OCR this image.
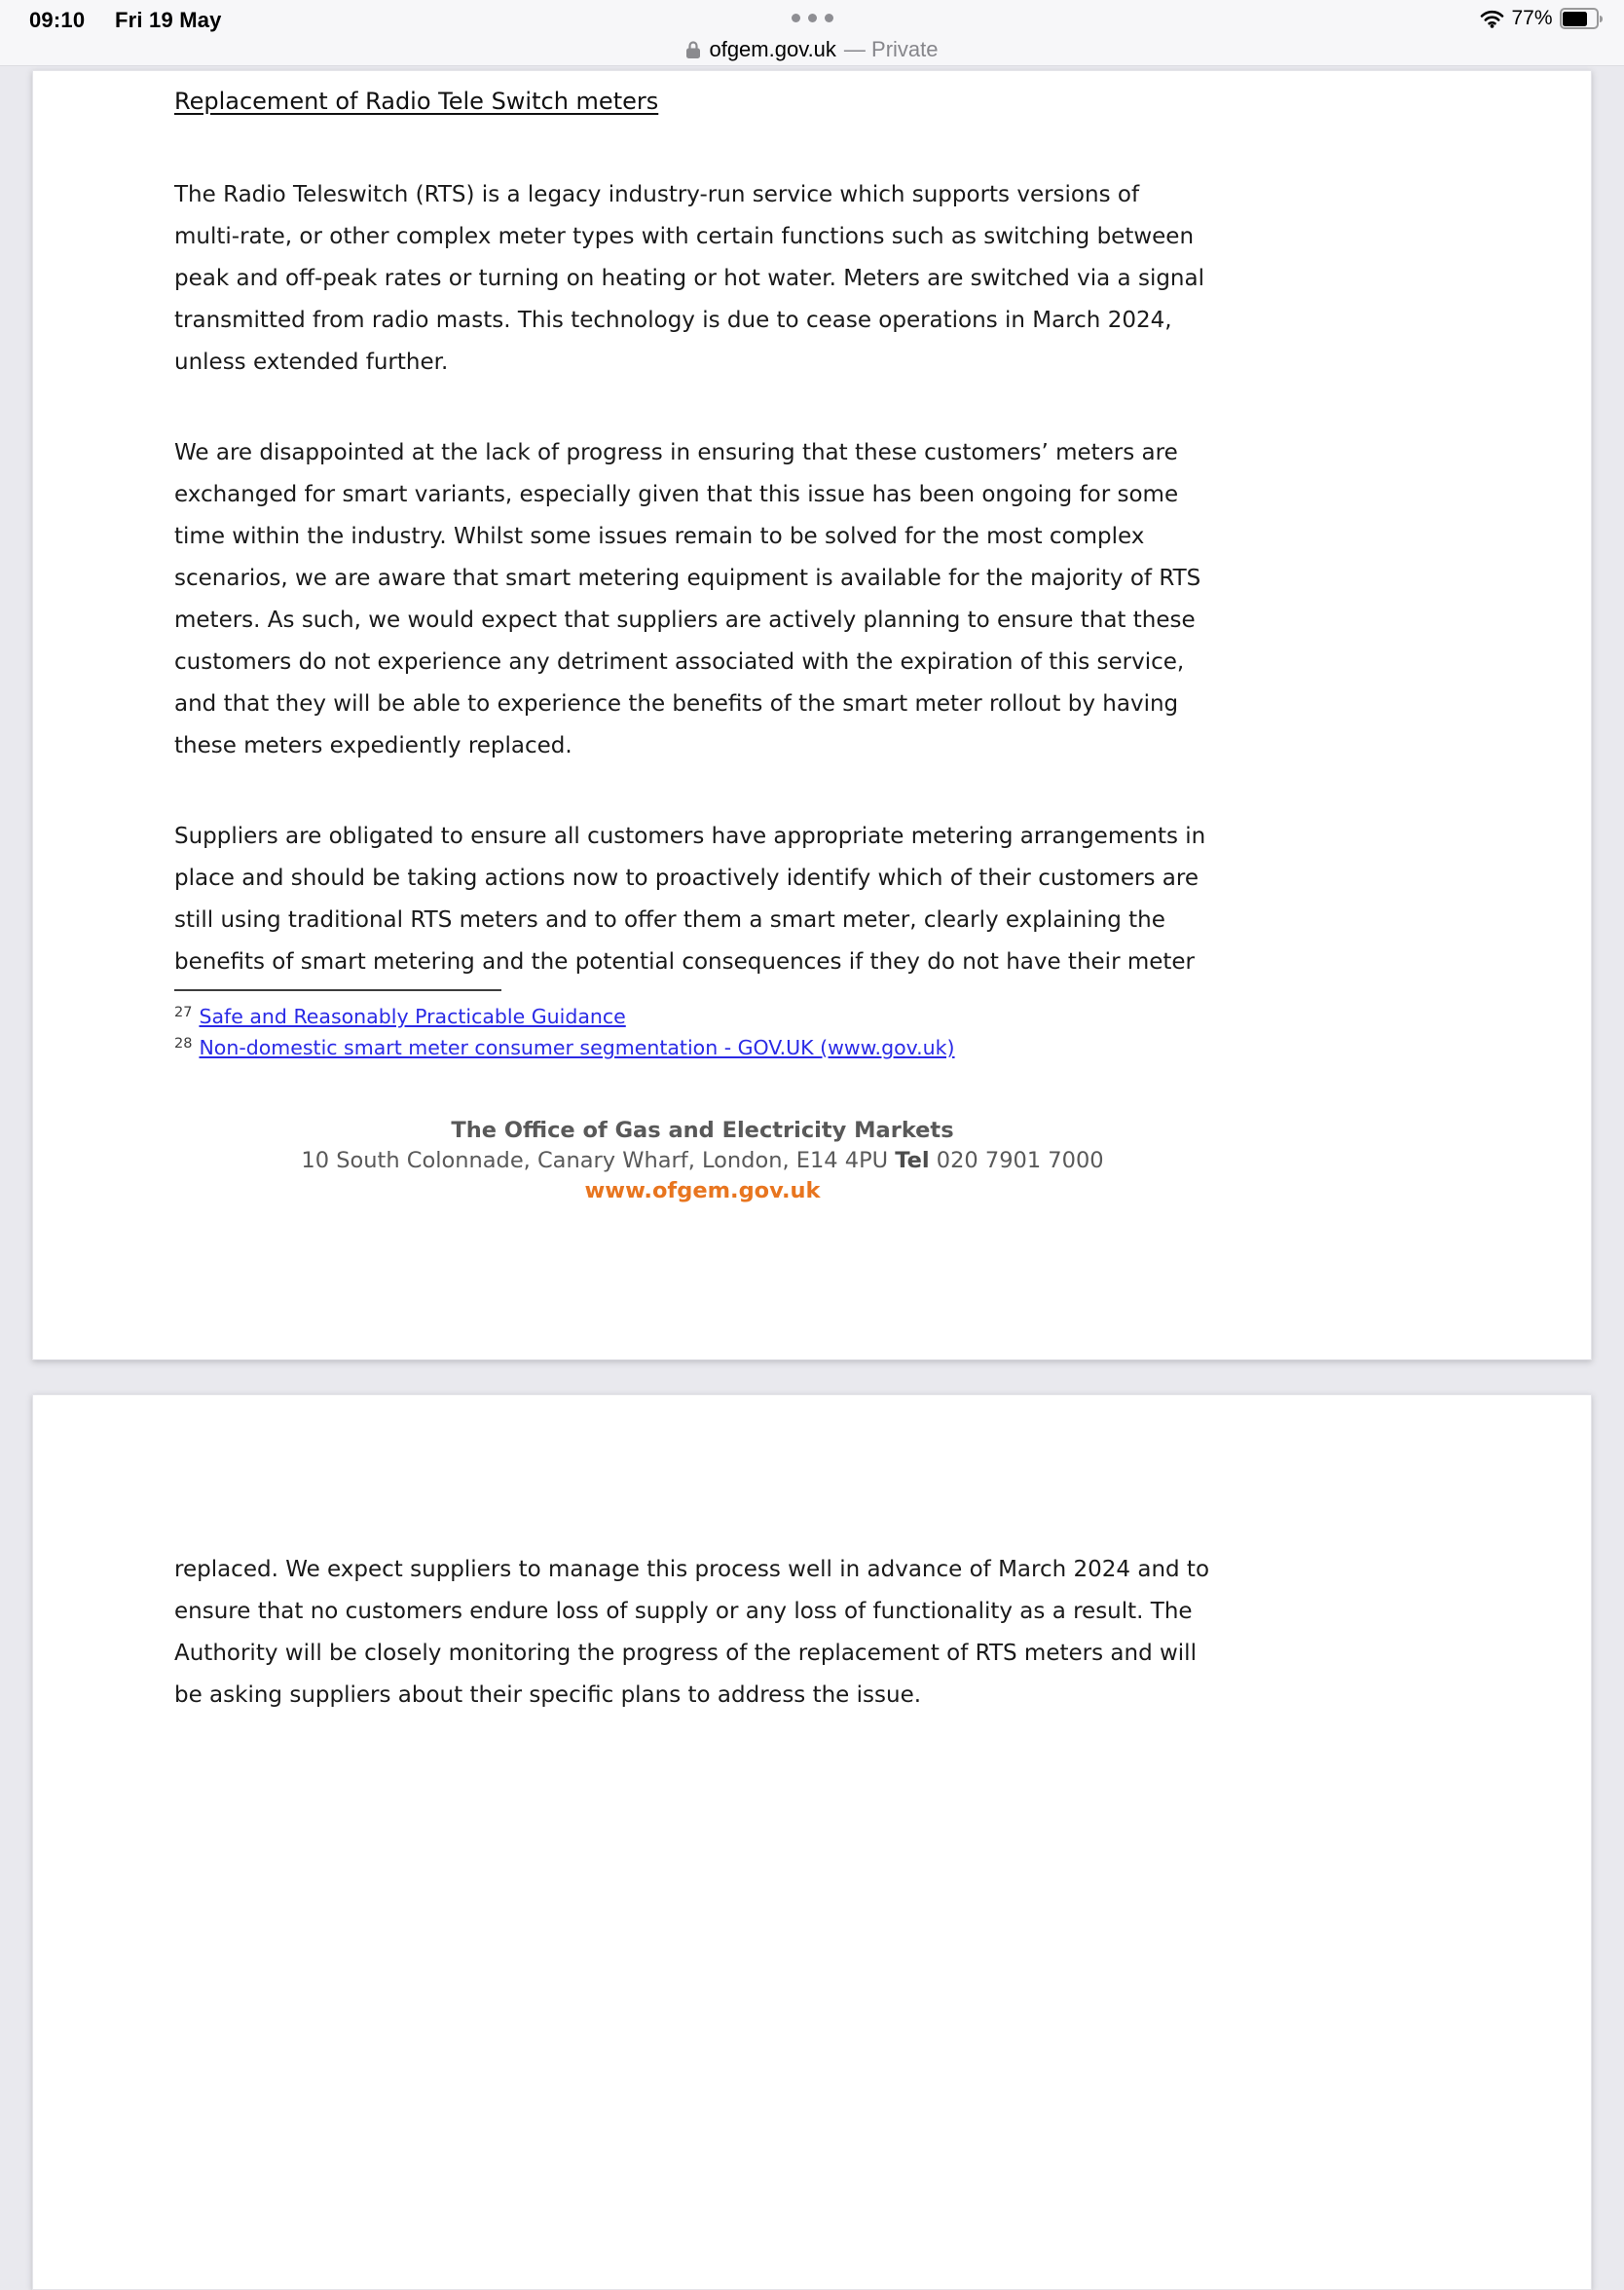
09:10 Fri 19 May	77%
ofgem.gov.uk — Private
Replacement of Radio Tele Switch meters
The Radio Teleswitch (RTS) is a legacy industry-run service which supports versions of
multi-rate, or other complex meter types with certain functions such as switching between
peak and off-peak rates or turning on heating or hot water. Meters are switched via a signal
transmitted from radio masts. This technology is due to cease operations in March 2024,
unless extended further.
We are disappointed at the lack of progress in ensuring that these customers’ meters are
exchanged for smart variants, especially given that this issue has been ongoing for some
time within the industry. Whilst some issues remain to be solved for the most complex
scenarios, we are aware that smart metering equipment is available for the majority of RTS
meters. As such, we would expect that suppliers are actively planning to ensure that these
customers do not experience any detriment associated with the expiration of this service,
and that they will be able to experience the benefits of the smart meter rollout by having
these meters expediently replaced.
Suppliers are obligated to ensure all customers have appropriate metering arrangements in
place and should be taking actions now to proactively identify which of their customers are
still using traditional RTS meters and to offer them a smart meter, clearly explaining the
benefits of smart metering and the potential consequences if they do not have their meter
$^{27}$ Safe and Reasonably Practicable Guidance
$^{28}$ Non-domestic smart meter consumer segmentation - GOV.UK (www.gov.uk)
The Office of Gas and Electricity Markets
10 South Colonnade, Canary Wharf, London, E14 4PU Tel 020 7901 7000
www.ofgem.gov.uk
replaced. We expect suppliers to manage this process well in advance of March 2024 and to
ensure that no customers endure loss of supply or any loss of functionality as a result. The
Authority will be closely monitoring the progress of the replacement of RTS meters and will
be asking suppliers about their specific plans to address the issue.
